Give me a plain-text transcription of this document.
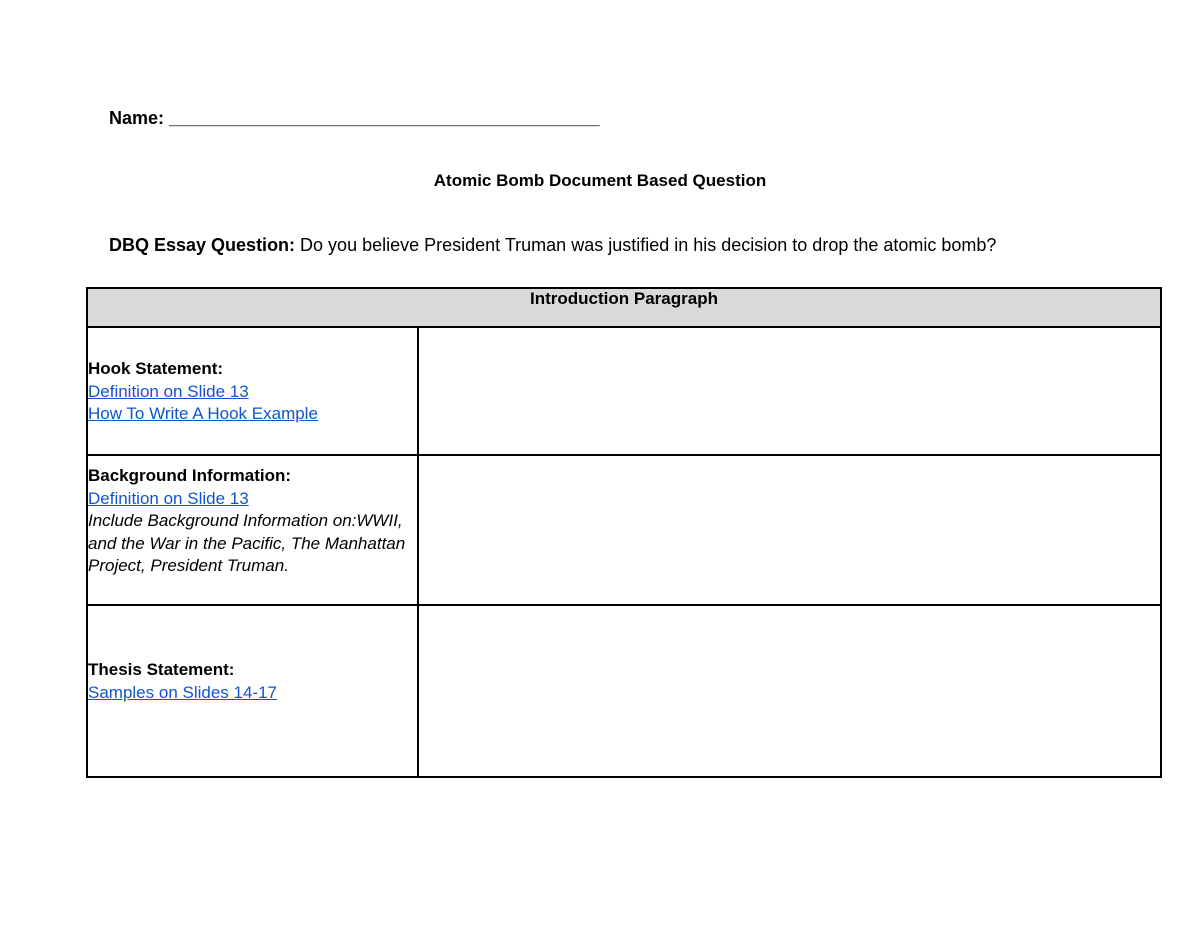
Name: ___________________________________________
Atomic Bomb Document Based Question
DBQ Essay Question: Do you believe President Truman was justified in his decision to drop the atomic bomb?
Introduction Paragraph	

Hook Statement:
Definition on Slide 13
How To Write A Hook Example	

Background Information:
Definition on Slide 13
Include Background Information on:WWII, and the War in the Pacific, The Manhattan Project, President Truman.	

Thesis Statement:
Samples on Slides 14-17	
